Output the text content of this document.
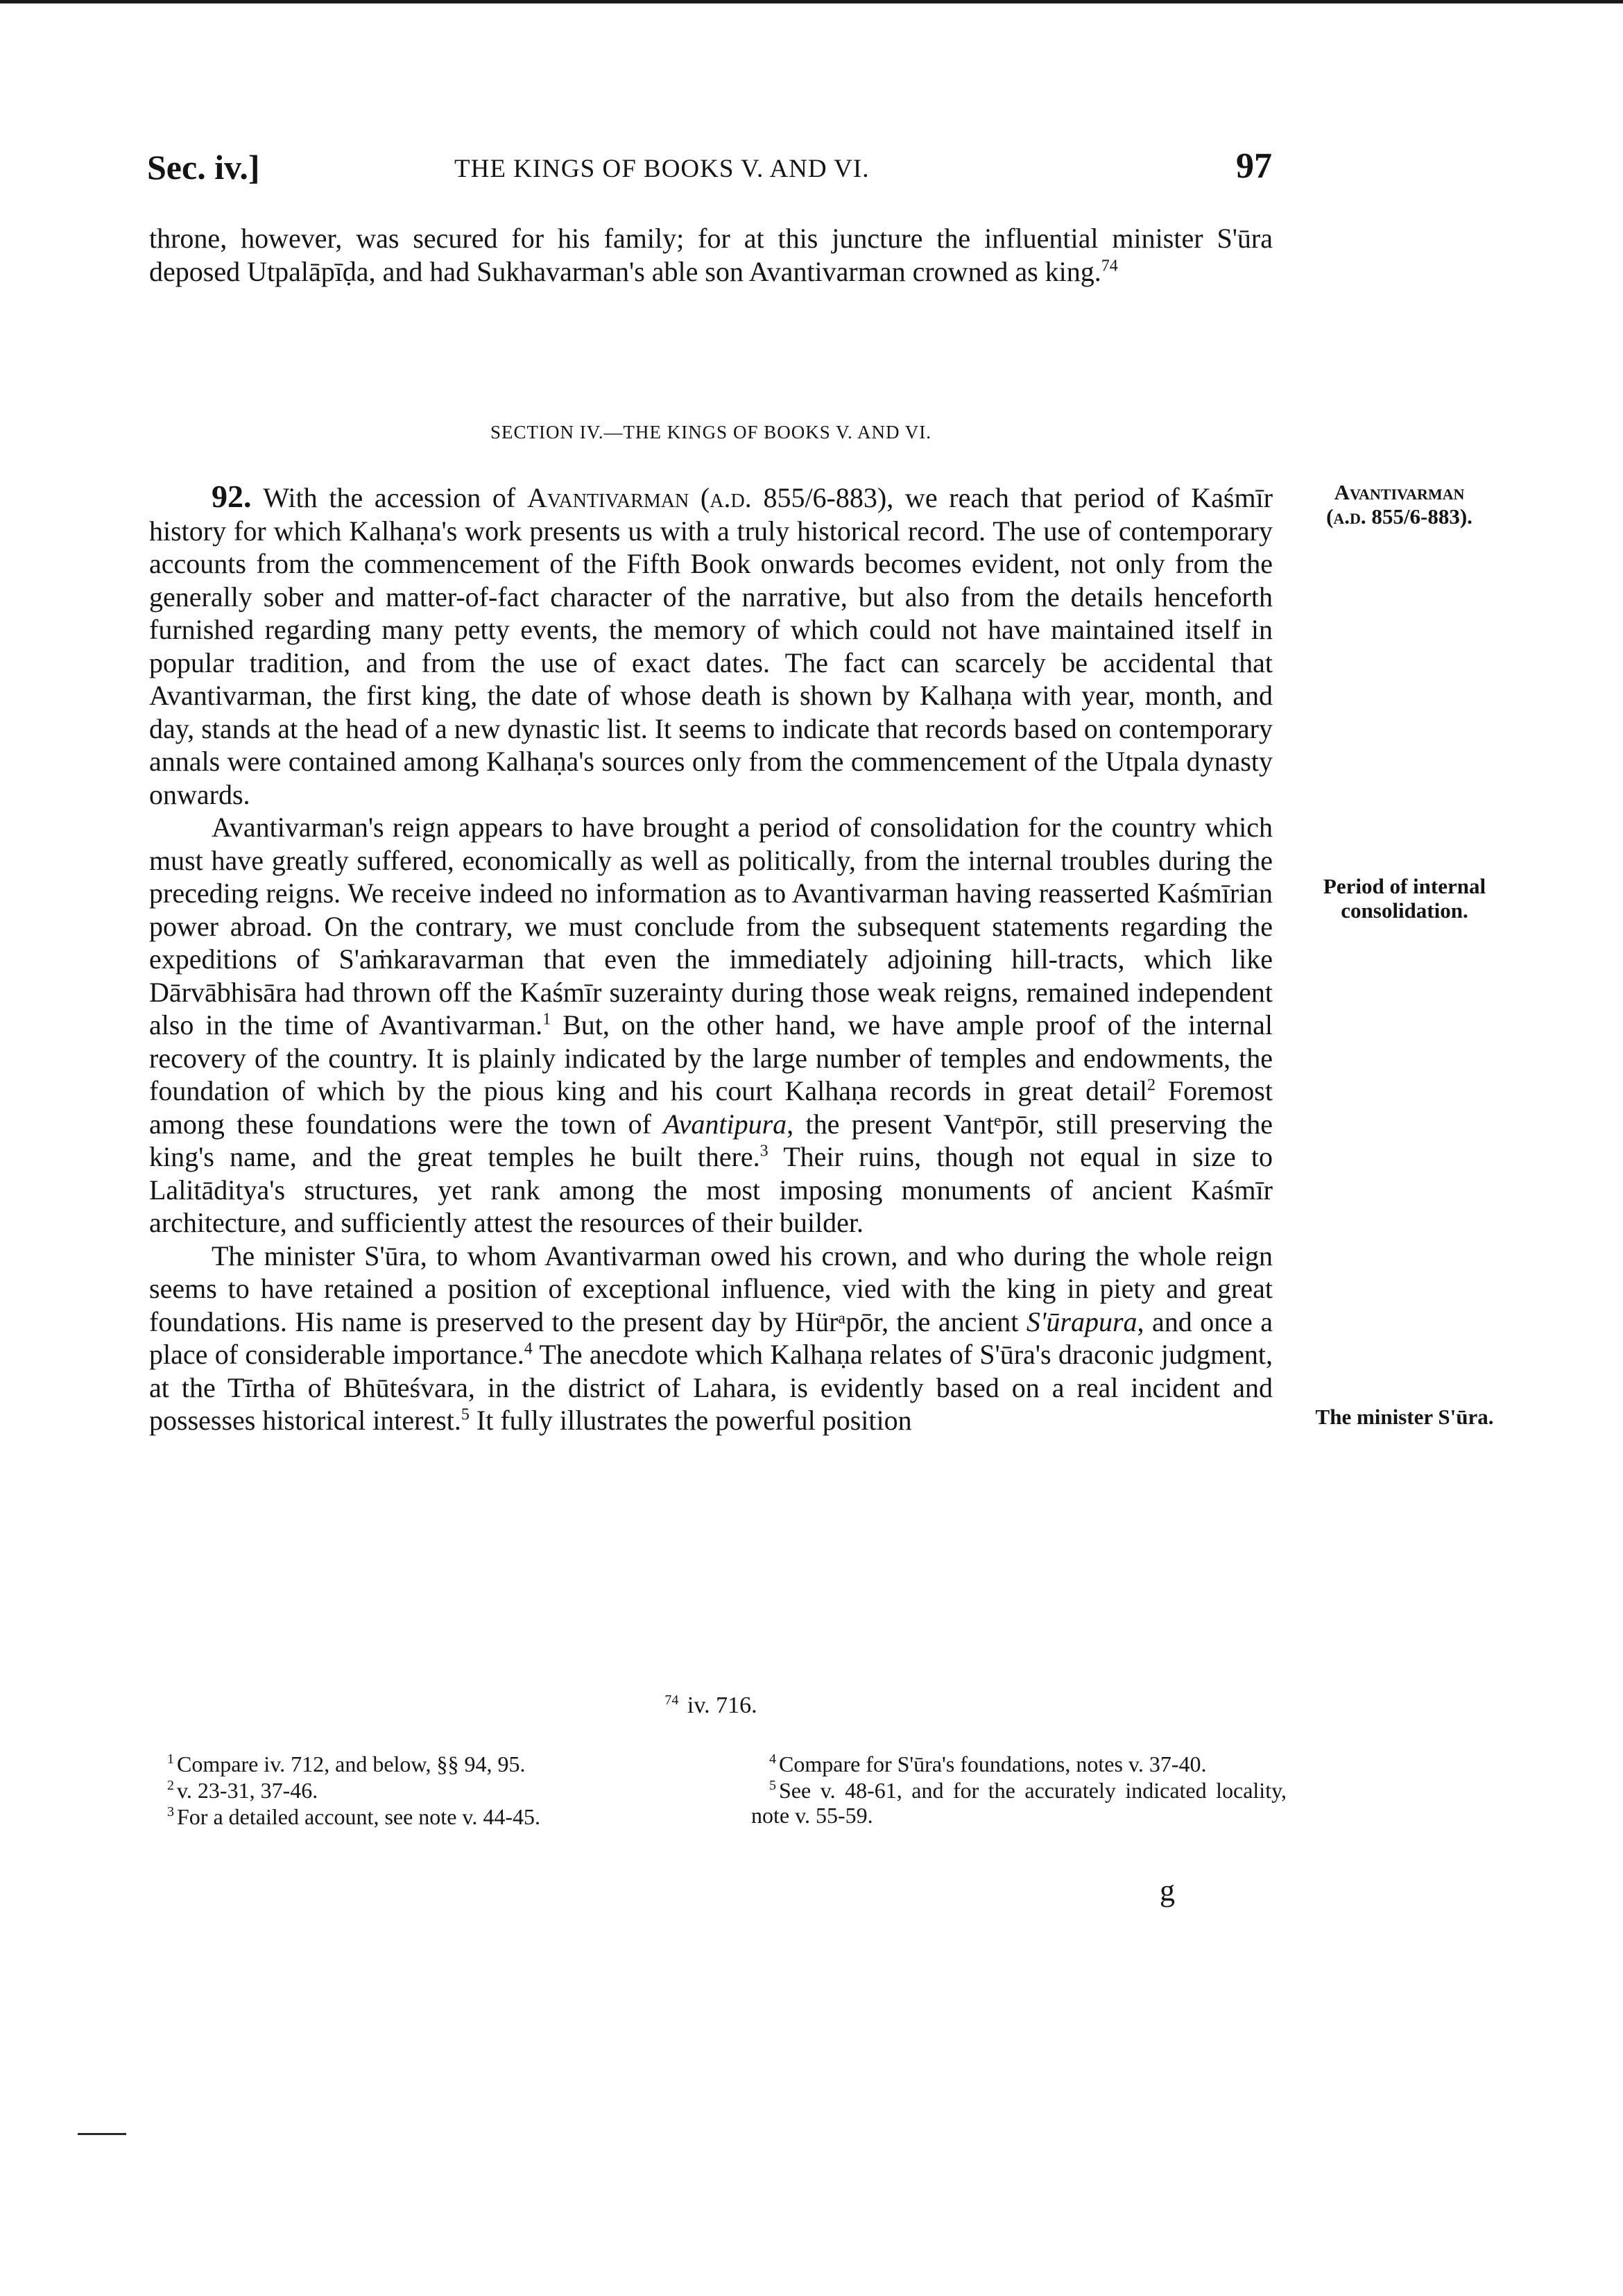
Sec. iv.]	THE KINGS OF BOOKS V. AND VI.	97
throne, however, was secured for his family; for at this juncture the influential minister S'ūra deposed Utpalāpīḍa, and had Sukhavarman's able son Avantivarman crowned as king.$^{74}$
SECTION IV.—THE KINGS OF BOOKS V. AND VI.

92. With the accession of Avantivarman (a.d. 855/6-883), we reach that period of Kaśmīr history for which Kalhaṇa's work presents us with a truly historical record. The use of contemporary accounts from the commencement of the Fifth Book onwards becomes evident, not only from the generally sober and matter-of-fact character of the narrative, but also from the details henceforth furnished regarding many petty events, the memory of which could not have maintained itself in popular tradition, and from the use of exact dates. The fact can scarcely be accidental that Avantivarman, the first king, the date of whose death is shown by Kalhaṇa with year, month, and day, stands at the head of a new dynastic list. It seems to indicate that records based on contemporary annals were contained among Kalhaṇa's sources only from the commencement of the Utpala dynasty onwards.

Avantivarman's reign appears to have brought a period of consolidation for the country which must have greatly suffered, economically as well as politically, from the internal troubles during the preceding reigns. We receive indeed no information as to Avantivarman having reasserted Kaśmīrian power abroad. On the contrary, we must conclude from the subsequent statements regarding the expeditions of S'aṁkaravarman that even the immediately adjoining hill-tracts, which like Dārvābhisāra had thrown off the Kaśmīr suzerainty during those weak reigns, remained independent also in the time of Avantivarman.$^1$ But, on the other hand, we have ample proof of the internal recovery of the country. It is plainly indicated by the large number of temples and endowments, the foundation of which by the pious king and his court Kalhaṇa records in great detail$^2$ Foremost among these foundations were the town of Avantipura, the present Vantᵉpōr, still preserving the king's name, and the great temples he built there.$^3$ Their ruins, though not equal in size to Lalitāditya's structures, yet rank among the most imposing monuments of ancient Kaśmīr architecture, and sufficiently attest the resources of their builder.

The minister S'ūra, to whom Avantivarman owed his crown, and who during the whole reign seems to have retained a position of exceptional influence, vied with the king in piety and great foundations. His name is preserved to the present day by Hürᵃpōr, the ancient S'ūrapura, and once a place of considerable importance.$^4$ The anecdote which Kalhaṇa relates of S'ūra's draconic judgment, at the Tīrtha of Bhūteśvara, in the district of Lahara, is evidently based on a real incident and possesses historical interest.$^5$ It fully illustrates the powerful position

Avantivarman
(a.d. 855/6-883).
Period of internal consolidation.
The minister S'ūra.
$^{74}$ iv. 716.

$^1$ Compare iv. 712, and below, §§ 94, 95.

$^2$ v. 23-31, 37-46.

$^3$ For a detailed account, see note v. 44-45.

$^4$ Compare for S'ūra's foundations, notes v. 37-40.

$^5$ See v. 48-61, and for the accurately indicated locality, note v. 55-59.

g
